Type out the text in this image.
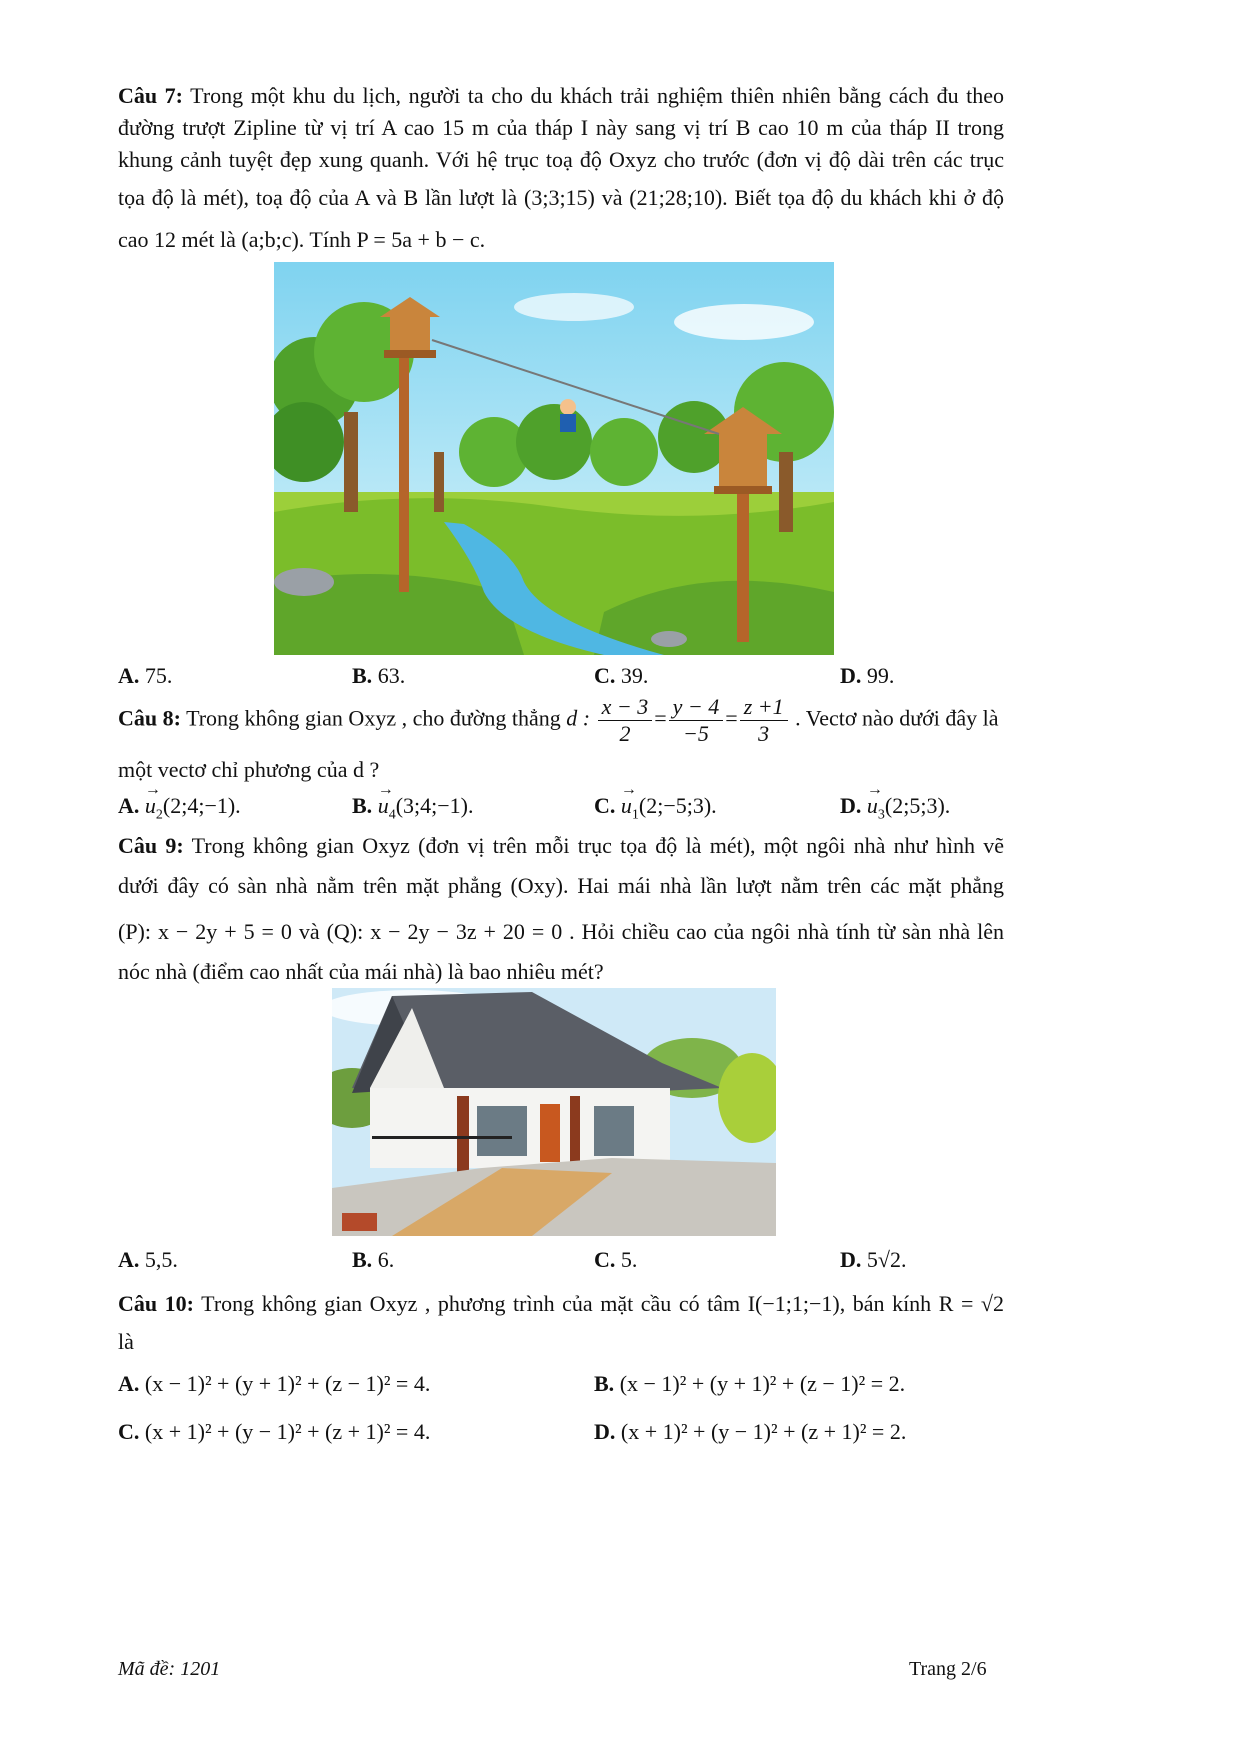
Câu 7: Trong một khu du lịch, người ta cho du khách trải nghiệm thiên nhiên bằng cách đu theo
đường trượt Zipline từ vị trí A cao 15 m của tháp I này sang vị trí B cao 10 m của tháp II trong
khung cảnh tuyệt đẹp xung quanh. Với hệ trục toạ độ Oxyz cho trước (đơn vị độ dài trên các trục
tọa độ là mét), toạ độ của A và B lần lượt là (3;3;15) và (21;28;10). Biết tọa độ du khách khi ở độ
cao 12 mét là (a;b;c). Tính P = 5a + b − c.
A. 75.	B. 63.	C. 39.	D. 99.
Câu 8: Trong không gian Oxyz , cho đường thẳng d : $\frac{x - 3}{2} = \frac{y - 4}{-5} = \frac{z +1}{3}$ . Vectơ nào dưới đây là
một vectơ chỉ phương của d ?
A. → $u_2(2;4;-1)$.	B. → $u_4(3;4;-1)$.	C. → $u_1(2;-5;3)$.	D. → $u_3(2;5;3)$.
Câu 9: Trong không gian Oxyz (đơn vị trên mỗi trục tọa độ là mét), một ngôi nhà như hình vẽ
dưới đây có sàn nhà nằm trên mặt phẳng (Oxy). Hai mái nhà lần lượt nằm trên các mặt phẳng
(P): x − 2y + 5 = 0 và (Q): x − 2y − 3z + 20 = 0 . Hỏi chiều cao của ngôi nhà tính từ sàn nhà lên
nóc nhà (điểm cao nhất của mái nhà) là bao nhiêu mét?
A. 5,5.	B. 6.	C. 5.	D. 5√2.
Câu 10: Trong không gian Oxyz , phương trình của mặt cầu có tâm I(−1;1;−1), bán kính R = √2
là
A. (x − 1)² + (y + 1)² + (z − 1)² = 4.	B. (x − 1)² + (y + 1)² + (z − 1)² = 2.
C. (x + 1)² + (y − 1)² + (z + 1)² = 4.	D. (x + 1)² + (y − 1)² + (z + 1)² = 2.
Mã đề: 1201	Trang 2/6
